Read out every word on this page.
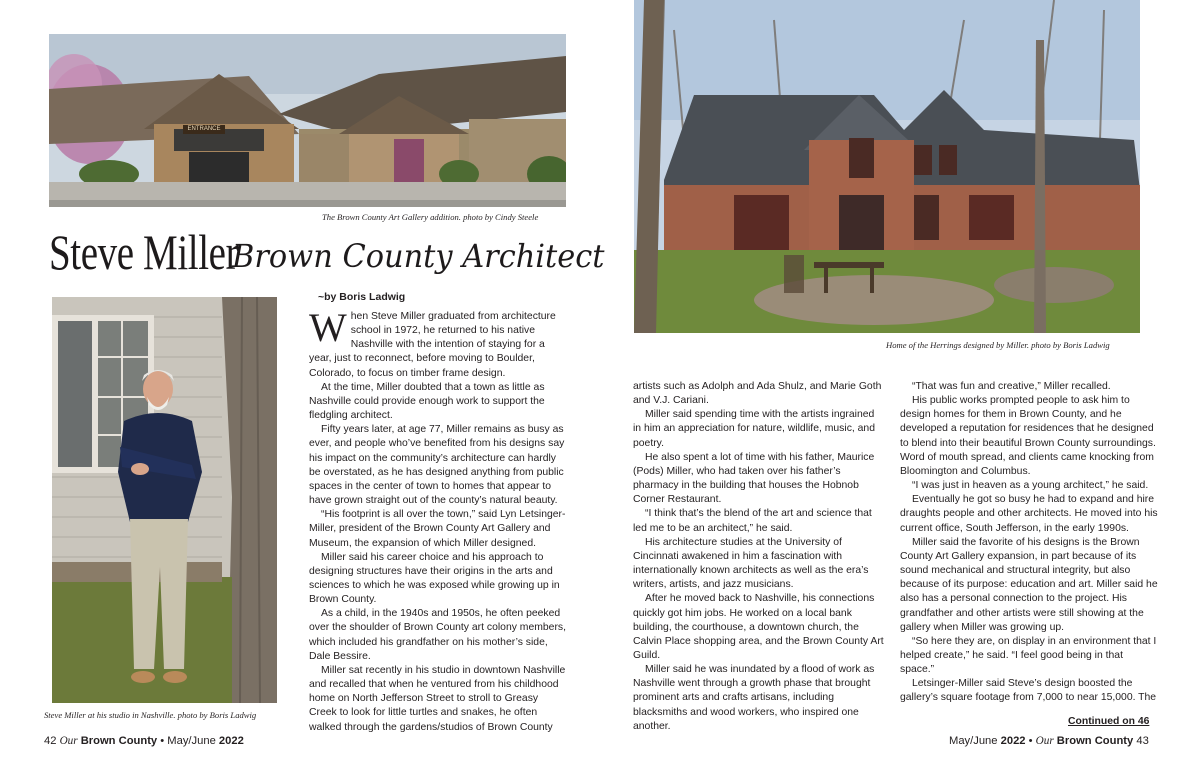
ENTRANCE
The Brown County Art Gallery addition. photo by Cindy Steele
Home of the Herrings designed by Miller. photo by Boris Ladwig
Steve Miller at his studio in Nashville. photo by Boris Ladwig
Steve Miller
Brown County Architect
~by Boris Ladwig

When Steve Miller graduated from architecture school in 1972, he returned to his native Nashville with the intention of staying for a year, just to reconnect, before moving to Boulder, Colorado, to focus on timber frame design.

At the time, Miller doubted that a town as little as Nashville could provide enough work to support the fledgling architect.

Fifty years later, at age 77, Miller remains as busy as ever, and people who’ve benefited from his designs say his impact on the community’s architecture can hardly be overstated, as he has designed anything from public spaces in the center of town to homes that appear to have grown straight out of the county’s natural beauty.

“His footprint is all over the town,” said Lyn Letsinger-Miller, president of the Brown County Art Gallery and Museum, the expansion of which Miller designed.

Miller said his career choice and his approach to designing structures have their origins in the arts and sciences to which he was exposed while growing up in Brown County.

As a child, in the 1940s and 1950s, he often peeked over the shoulder of Brown County art colony members, which included his grandfather on his mother’s side, Dale Bessire.

Miller sat recently in his studio in downtown Nashville and recalled that when he ventured from his childhood home on North Jefferson Street to stroll to Greasy Creek to look for little turtles and snakes, he often walked through the gardens/studios of Brown County

artists such as Adolph and Ada Shulz, and Marie Goth and V.J. Cariani.

Miller said spending time with the artists ingrained in him an appreciation for nature, wildlife, music, and poetry.

He also spent a lot of time with his father, Maurice (Pods) Miller, who had taken over his father’s pharmacy in the building that houses the Hobnob Corner Restaurant.

“I think that’s the blend of the art and science that led me to be an architect,” he said.

His architecture studies at the University of Cincinnati awakened in him a fascination with internationally known architects as well as the era’s writers, artists, and jazz musicians.

After he moved back to Nashville, his connections quickly got him jobs. He worked on a local bank building, the courthouse, a downtown church, the Calvin Place shopping area, and the Brown County Art Guild.

Miller said he was inundated by a flood of work as Nashville went through a growth phase that brought prominent arts and crafts artisans, including blacksmiths and wood workers, who inspired one another.

“That was fun and creative,” Miller recalled.

His public works prompted people to ask him to design homes for them in Brown County, and he developed a reputation for residences that he designed to blend into their beautiful Brown County surroundings. Word of mouth spread, and clients came knocking from Bloomington and Columbus.

“I was just in heaven as a young architect,” he said.

Eventually he got so busy he had to expand and hire draughts people and other architects. He moved into his current office, South Jefferson, in the early 1990s.

Miller said the favorite of his designs is the Brown County Art Gallery expansion, in part because of its sound mechanical and structural integrity, but also because of its purpose: education and art. Miller said he also has a personal connection to the project. His grandfather and other artists were still showing at the gallery when Miller was growing up.

“So here they are, on display in an environment that I helped create,” he said. “I feel good being in that space.”

Letsinger-Miller said Steve’s design boosted the gallery’s square footage from 7,000 to near 15,000. The

Continued on 46
42 Our Brown County • May/June 2022	May/June 2022 • Our Brown County 43
